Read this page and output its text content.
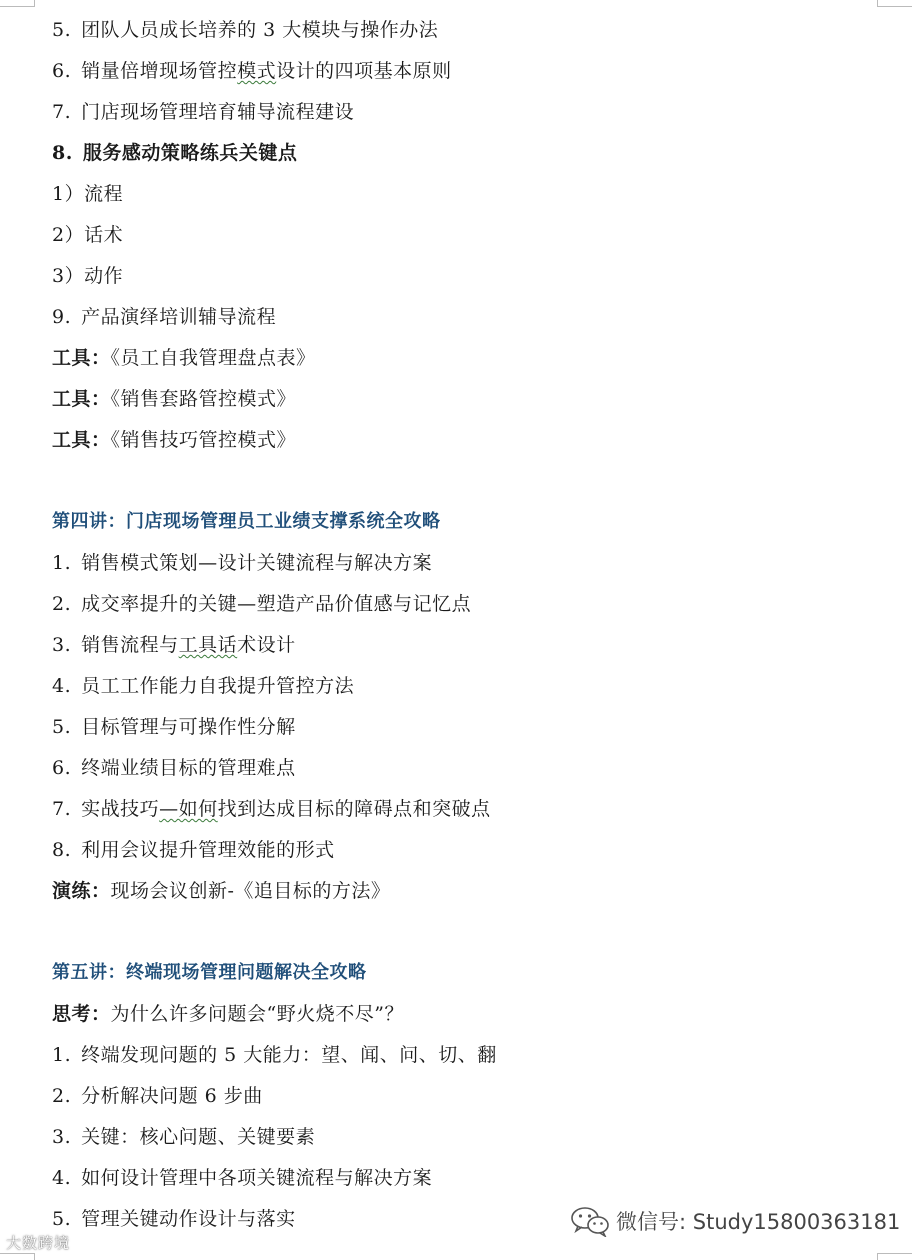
5. 团队人员成长培养的 3 大模块与操作办法
6. 销量倍增现场管控模式设计的四项基本原则
7. 门店现场管理培育辅导流程建设
8. 服务感动策略练兵关键点
1）流程
2）话术
3）动作
9. 产品演绎培训辅导流程
工具：《员工自我管理盘点表》
工具：《销售套路管控模式》
工具：《销售技巧管控模式》
第四讲：门店现场管理员工业绩支撑系统全攻略
1. 销售模式策划—设计关键流程与解决方案
2. 成交率提升的关键—塑造产品价值感与记忆点
3. 销售流程与工具话术设计
4. 员工工作能力自我提升管控方法
5. 目标管理与可操作性分解
6. 终端业绩目标的管理难点
7. 实战技巧—如何找到达成目标的障碍点和突破点
8. 利用会议提升管理效能的形式
演练：现场会议创新-《追目标的方法》
第五讲：终端现场管理问题解决全攻略
思考：为什么许多问题会“野火烧不尽”？
1. 终端发现问题的 5 大能力：望、闻、问、切、翻
2. 分析解决问题 6 步曲
3. 关键：核心问题、关键要素
4. 如何设计管理中各项关键流程与解决方案
5. 管理关键动作设计与落实
大数跨境
微信号: Study15800363181
